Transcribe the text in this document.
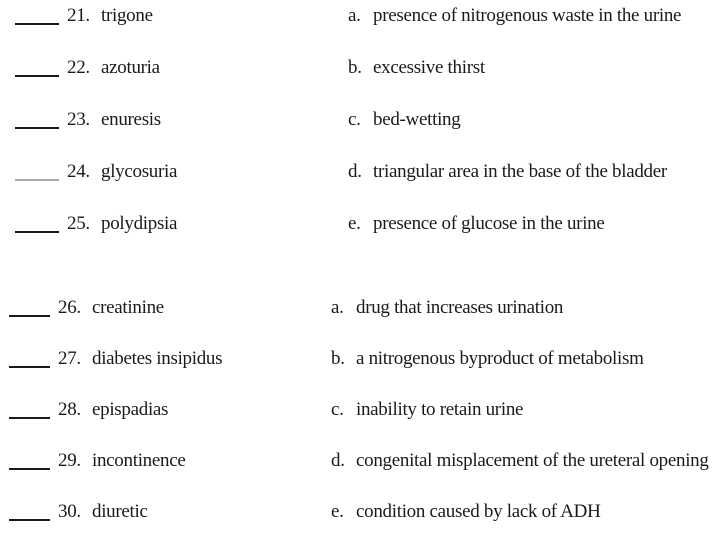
21. trigone	a. presence of nitrogenous waste in the urine
22. azoturia	b. excessive thirst
23. enuresis	c. bed-wetting
24. glycosuria	d. triangular area in the base of the bladder
25. polydipsia	e. presence of glucose in the urine
26. creatinine	a. drug that increases urination
27. diabetes insipidus	b. a nitrogenous byproduct of metabolism
28. epispadias	c. inability to retain urine
29. incontinence	d. congenital misplacement of the ureteral opening
30. diuretic	e. condition caused by lack of ADH
